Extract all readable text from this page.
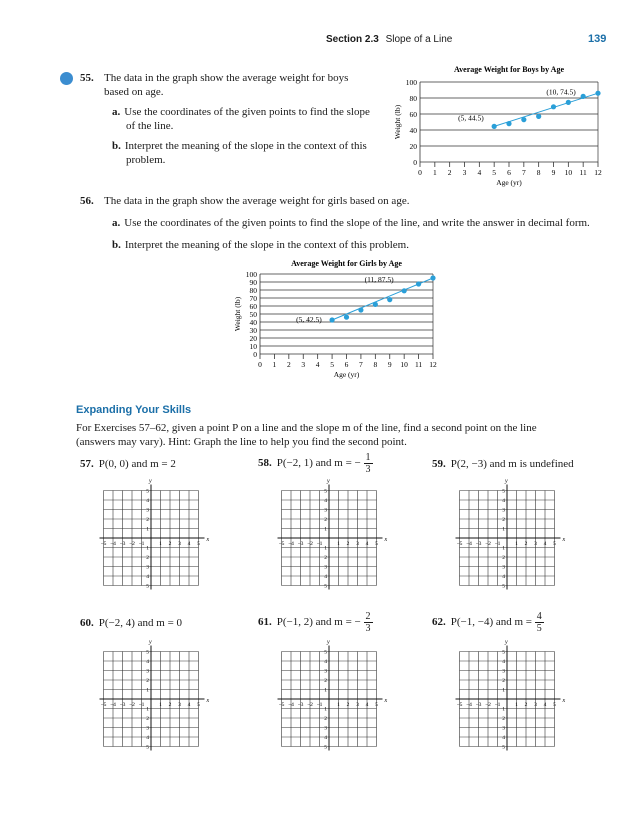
Section 2.3 Slope of a Line	139
55. The data in the graph show the average weight for boys based on age.

a. Use the coordinates of the given points to find the slope of the line.

b. Interpret the meaning of the slope in the context of this problem.

Average Weight for Boys by Age
0
20
40
60
80
100
0 1 2 3 4 5 6 7 8 9 10 11 12
Age (yr)
Weight (lb)	(5, 44.5)
(10, 74.5)
56. The data in the graph show the average weight for girls based on age.

a. Use the coordinates of the given points to find the slope of the line, and write the answer in decimal form.

b. Interpret the meaning of the slope in the context of this problem.

Average Weight for Girls by Age
0
10
20
30
40
50
60
70
80
90
100
0 1 2 3 4 5 6 7 8 9 10 11 12
Age (yr)
Weight (lb)	(5, 42.5)
(11, 87.5)
Expanding Your Skills
For Exercises 57–62, given a point P on a line and the slope m of the line, find a second point on the line (answers may vary). Hint: Graph the line to help you find the second point.
57. P(0, 0) and m = 2	58. P(−2, 1) and m = − $\frac{1}{3}$	59. P(2, −3) and m is undefined
60. P(−2, 4) and m = 0	61. P(−1, 2) and m = − $\frac{2}{3}$	62. P(−1, −4) and $m = \frac{4}{5}$
x
y
−5 −4 −3 −2 −1	1 2 3 4 5
5
4
3
2
1
1
2
3
4
5
x
y
−5 −4 −3 −2 −1	1 2 3 4 5
5
4
3
2
1
1
2
3
4
5
x
y
−5 −4 −3 −2 −1	1 2 3 4 5
5
4
3
2
1
1
2
3
4
5
x
y
−5 −4 −3 −2 −1	1 2 3 4 5
5
4
3
2
1
1
2
3
4
5
x
y
−5 −4 −3 −2 −1	1 2 3 4 5
5
4
3
2
1
1
2
3
4
5
x
y
−5 −4 −3 −2 −1	1 2 3 4 5
5
4
3
2
1
1
2
3
4
5
